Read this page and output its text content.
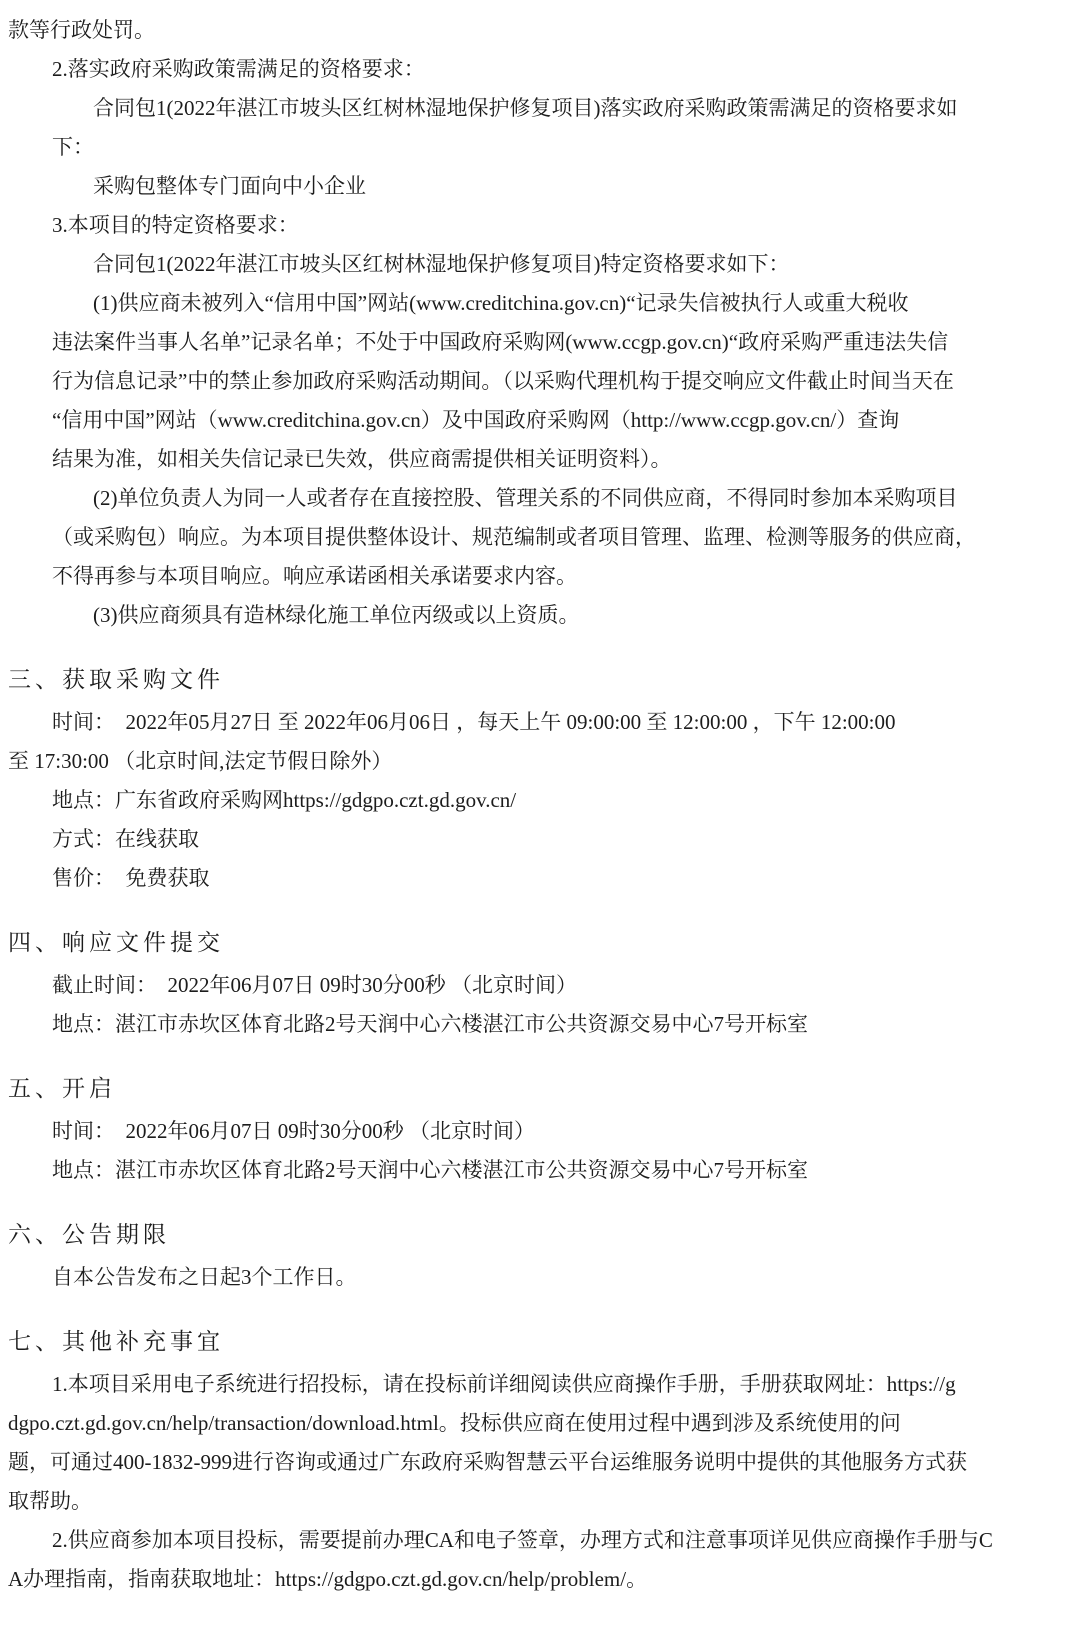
款等行政处罚。
2.落实政府采购政策需满足的资格要求：
合同包1(2022年湛江市坡头区红树林湿地保护修复项目)落实政府采购政策需满足的资格要求如
下：
采购包整体专门面向中小企业
3.本项目的特定资格要求：
合同包1(2022年湛江市坡头区红树林湿地保护修复项目)特定资格要求如下：
(1)供应商未被列入“信用中国”网站(www.creditchina.gov.cn)“记录失信被执行人或重大税收
违法案件当事人名单”记录名单；不处于中国政府采购网(www.ccgp.gov.cn)“政府采购严重违法失信
行为信息记录”中的禁止参加政府采购活动期间。（以采购代理机构于提交响应文件截止时间当天在
“信用中国”网站（www.creditchina.gov.cn）及中国政府采购网（http://www.ccgp.gov.cn/）查询
结果为准，如相关失信记录已失效，供应商需提供相关证明资料）。
(2)单位负责人为同一人或者存在直接控股、管理关系的不同供应商，不得同时参加本采购项目
（或采购包）响应。为本项目提供整体设计、规范编制或者项目管理、监理、检测等服务的供应商，
不得再参与本项目响应。响应承诺函相关承诺要求内容。
(3)供应商须具有造林绿化施工单位丙级或以上资质。
三、获取采购文件
时间：  2022年05月27日 至 2022年06月06日 ，每天上午 09:00:00 至 12:00:00 ，下午 12:00:00
至 17:30:00 （北京时间,法定节假日除外）
地点：广东省政府采购网https://gdgpo.czt.gd.gov.cn/
方式：在线获取
售价：  免费获取
四、响应文件提交
截止时间：  2022年06月07日 09时30分00秒 （北京时间）
地点：湛江市赤坎区体育北路2号天润中心六楼湛江市公共资源交易中心7号开标室
五、开启
时间：  2022年06月07日 09时30分00秒 （北京时间）
地点：湛江市赤坎区体育北路2号天润中心六楼湛江市公共资源交易中心7号开标室
六、公告期限
自本公告发布之日起3个工作日。
七、其他补充事宜
1.本项目采用电子系统进行招投标，请在投标前详细阅读供应商操作手册，手册获取网址：https://g
dgpo.czt.gd.gov.cn/help/transaction/download.html。投标供应商在使用过程中遇到涉及系统使用的问
题，可通过400-1832-999进行咨询或通过广东政府采购智慧云平台运维服务说明中提供的其他服务方式获
取帮助。
2.供应商参加本项目投标，需要提前办理CA和电子签章，办理方式和注意事项详见供应商操作手册与C
A办理指南，指南获取地址：https://gdgpo.czt.gd.gov.cn/help/problem/。
